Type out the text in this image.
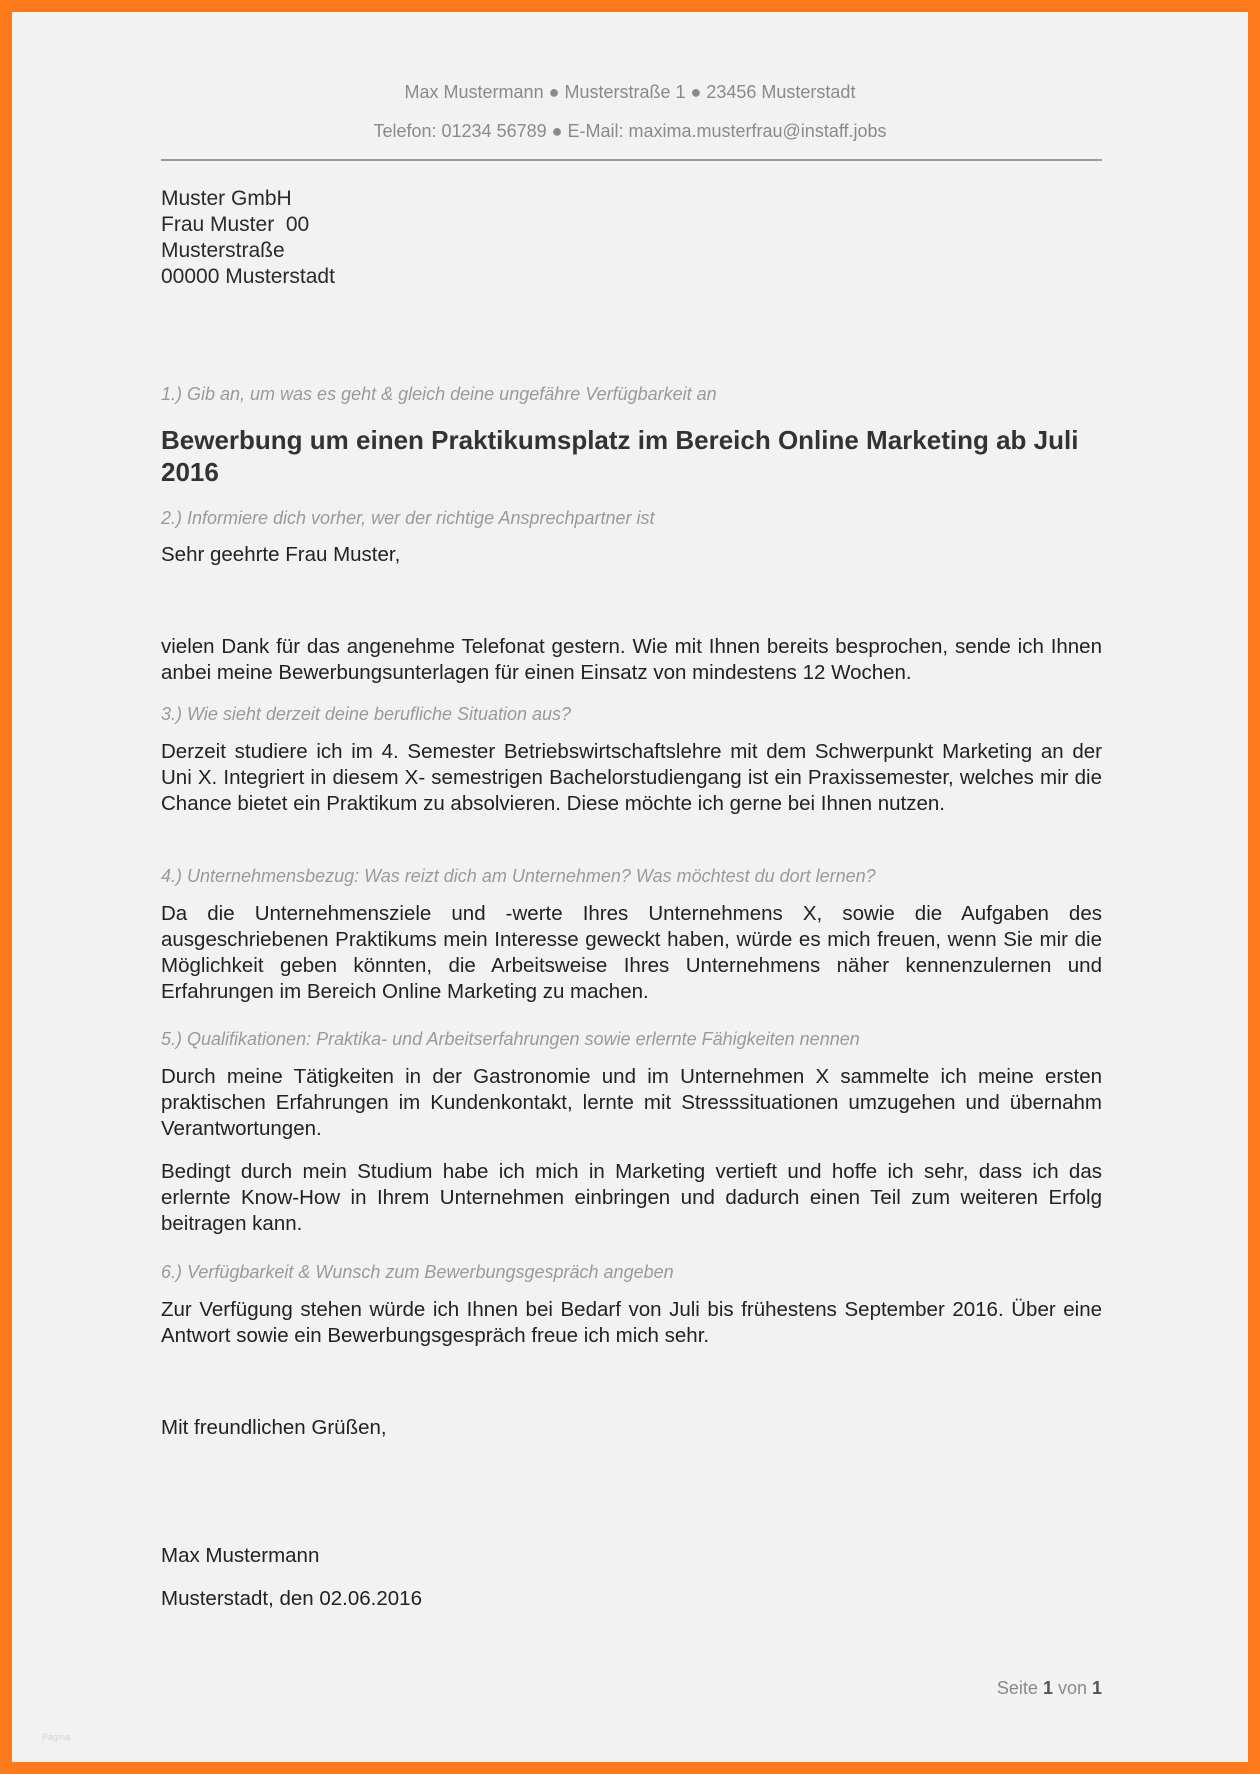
Max Mustermann ● Musterstraße 1 ● 23456 Musterstadt
Telefon: 01234 56789 ● E-Mail: maxima.musterfrau@instaff.jobs
Muster GmbH
Frau Muster  00
Musterstraße
00000 Musterstadt
1.) Gib an, um was es geht & gleich deine ungefähre Verfügbarkeit an
Bewerbung um einen Praktikumsplatz im Bereich Online Marketing ab Juli 2016
2.) Informiere dich vorher, wer der richtige Ansprechpartner ist
Sehr geehrte Frau Muster,
vielen Dank für das angenehme Telefonat gestern. Wie mit Ihnen bereits besprochen, sende ich Ihnen anbei meine Bewerbungsunterlagen für einen Einsatz von mindestens 12 Wochen.
3.) Wie sieht derzeit deine berufliche Situation aus?
Derzeit studiere ich im 4. Semester Betriebswirtschaftslehre mit dem Schwerpunkt Marketing an der Uni X. Integriert in diesem X- semestrigen Bachelorstudiengang ist ein Praxissemester, welches mir die Chance bietet ein Praktikum zu absolvieren. Diese möchte ich gerne bei Ihnen nutzen.
4.) Unternehmensbezug: Was reizt dich am Unternehmen? Was möchtest du dort lernen?
Da die Unternehmensziele und -werte Ihres Unternehmens X, sowie die Aufgaben des ausgeschriebenen Praktikums mein Interesse geweckt haben, würde es mich freuen, wenn Sie mir die Möglichkeit geben könnten, die Arbeitsweise Ihres Unternehmens näher kennenzulernen und Erfahrungen im Bereich Online Marketing zu machen.
5.) Qualifikationen: Praktika- und Arbeitserfahrungen sowie erlernte Fähigkeiten nennen
Durch meine Tätigkeiten in der Gastronomie und im Unternehmen X sammelte ich meine ersten praktischen Erfahrungen im Kundenkontakt, lernte mit Stresssituationen umzugehen und übernahm Verantwortungen.
Bedingt durch mein Studium habe ich mich in Marketing vertieft und hoffe ich sehr, dass ich das erlernte Know-How in Ihrem Unternehmen einbringen und dadurch einen Teil zum weiteren Erfolg beitragen kann.
6.) Verfügbarkeit & Wunsch zum Bewerbungsgespräch angeben
Zur Verfügung stehen würde ich Ihnen bei Bedarf von Juli bis frühestens September 2016. Über eine Antwort sowie ein Bewerbungsgespräch freue ich mich sehr.
Mit freundlichen Grüßen,
Max Mustermann
Musterstadt, den 02.06.2016
Seite 1 von 1
Pagina
